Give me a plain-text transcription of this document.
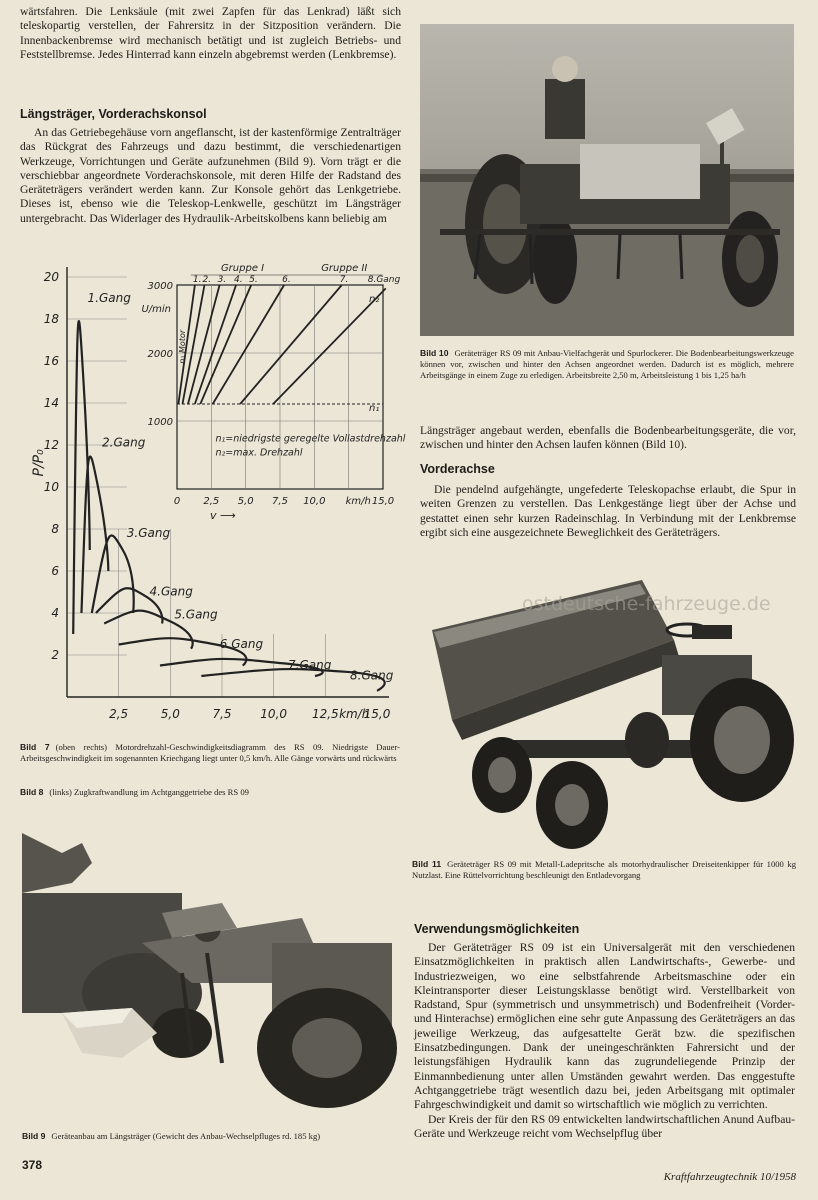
wärtsfahren. Die Lenksäule (mit zwei Zapfen für das Lenkrad) läßt sich teleskopartig verstellen, der Fahrersitz in der Sitzposition verändern. Die Innenbackenbremse wird mechanisch betätigt und ist zugleich Betriebs- und Feststellbremse. Jedes Hinterrad kann einzeln abgebremst werden (Lenkbremse).

Längsträger, Vorderachskonsol

An das Getriebegehäuse vorn angeflanscht, ist der kastenförmige Zentralträger das Rückgrat des Fahrzeugs und dazu bestimmt, die verschiedenartigen Werkzeuge, Vorrichtungen und Geräte aufzunehmen (Bild 9). Vorn trägt er die verschiebbar angeordnete Vorderachskonsole, mit deren Hilfe der Radstand des Geräteträgers verändert werden kann. Zur Konsole gehört das Lenkgetriebe. Dieses ist, ebenso wie die Teleskop-Lenkwelle, geschützt im Längsträger untergebracht. Das Widerlager des Hydraulik-Arbeitskolbens kann beliebig am

Bild 10 Geräteträger RS 09 mit Anbau-Vielfachgerät und Spurlockerer. Die Bodenbearbeitungswerkzeuge können vor, zwischen und hinter den Achsen angeordnet werden. Dadurch ist es möglich, mehrere Arbeitsgänge in einem Zuge zu erledigen. Arbeitsbreite 2,50 m, Arbeitsleistung 1 bis 1,25 ha/h

Längsträger angebaut werden, ebenfalls die Bodenbearbeitungsgeräte, die vor, zwischen und hinter den Achsen laufen können (Bild 10).

Vorderachse

Die pendelnd aufgehängte, ungefederte Teleskopachse erlaubt, die Spur in weiten Grenzen zu verstellen. Das Lenkgestänge liegt über der Achse und gestattet einen sehr kurzen Radeinschlag. In Verbindung mit der Lenkbremse ergibt sich eine ausgezeichnete Beweglichkeit des Geräteträgers.

2
4
6
8
10
12
14
16
18
20
2,5	5,0	7,5 10,0 12,5 km/h
15,0
P/P₀
1.Gang
2.Gang
3.Gang
4.Gang
5.Gang
6.Gang
7.Gang
8.Gang
1000
2000
3000
0 2,5 5,0 7,5 10,0 km/h 15,0
U/min
v ⟶
Gruppe I	Gruppe II
1. 2. 3. 4. 5.	6.	7. 8.Gang
n₂
n₁ Motor
n₁
n₁=niedrigste geregelte Vollastdrehzahl
n₂=max. Drehzahl
Bild 7 (oben rechts) Motordrehzahl-Geschwindigkeitsdiagramm des RS 09. Niedrigste Dauer-Arbeitsgeschwindigkeit im sogenannten Kriechgang liegt unter 0,5 km/h. Alle Gänge vorwärts und rückwärts
Bild 8 (links) Zugkraftwandlung im Achtganggetriebe des RS 09
ostdeutsche-fahrzeuge.de
Bild 11 Geräteträger RS 09 mit Metall-Ladepritsche als motorhydraulischer Dreiseitenkipper für 1000 kg Nutzlast. Eine Rüttelvorrichtung beschleunigt den Entladevorgang
Verwendungsmöglichkeiten

Der Geräteträger RS 09 ist ein Universalgerät mit den verschiedenen Einsatzmöglichkeiten in praktisch allen Landwirtschafts-, Gewerbe- und Industriezweigen, wo eine selbstfahrende Arbeitsmaschine oder ein Kleintransporter dieser Leistungsklasse benötigt wird. Verstellbarkeit von Radstand, Spur (symmetrisch und unsymmetrisch) und Bodenfreiheit (Vorder- und Hinterachse) ermöglichen eine sehr gute Anpassung des Geräteträgers an das jeweilige Werkzeug, das aufgesattelte Gerät bzw. die spezifischen Einsatzbedingungen. Dank der uneingeschränkten Fahrersicht und der leistungsfähigen Hydraulik kann das zugrundeliegende Prinzip der Einmannbedienung unter allen Umständen gewahrt werden. Das enggestufte Achtganggetriebe trägt wesentlich dazu bei, jeden Arbeitsgang mit optimaler Fahrgeschwindigkeit und damit so wirtschaftlich wie möglich zu verrichten.

Der Kreis der für den RS 09 entwickelten landwirtschaftlichen Anund Aufbau-Geräte und Werkzeuge reicht vom Wechselpflug über

Bild 9 Geräteanbau am Längsträger (Gewicht des Anbau-Wechselpfluges rd. 185 kg)
378
Kraftfahrzeugtechnik 10/1958
